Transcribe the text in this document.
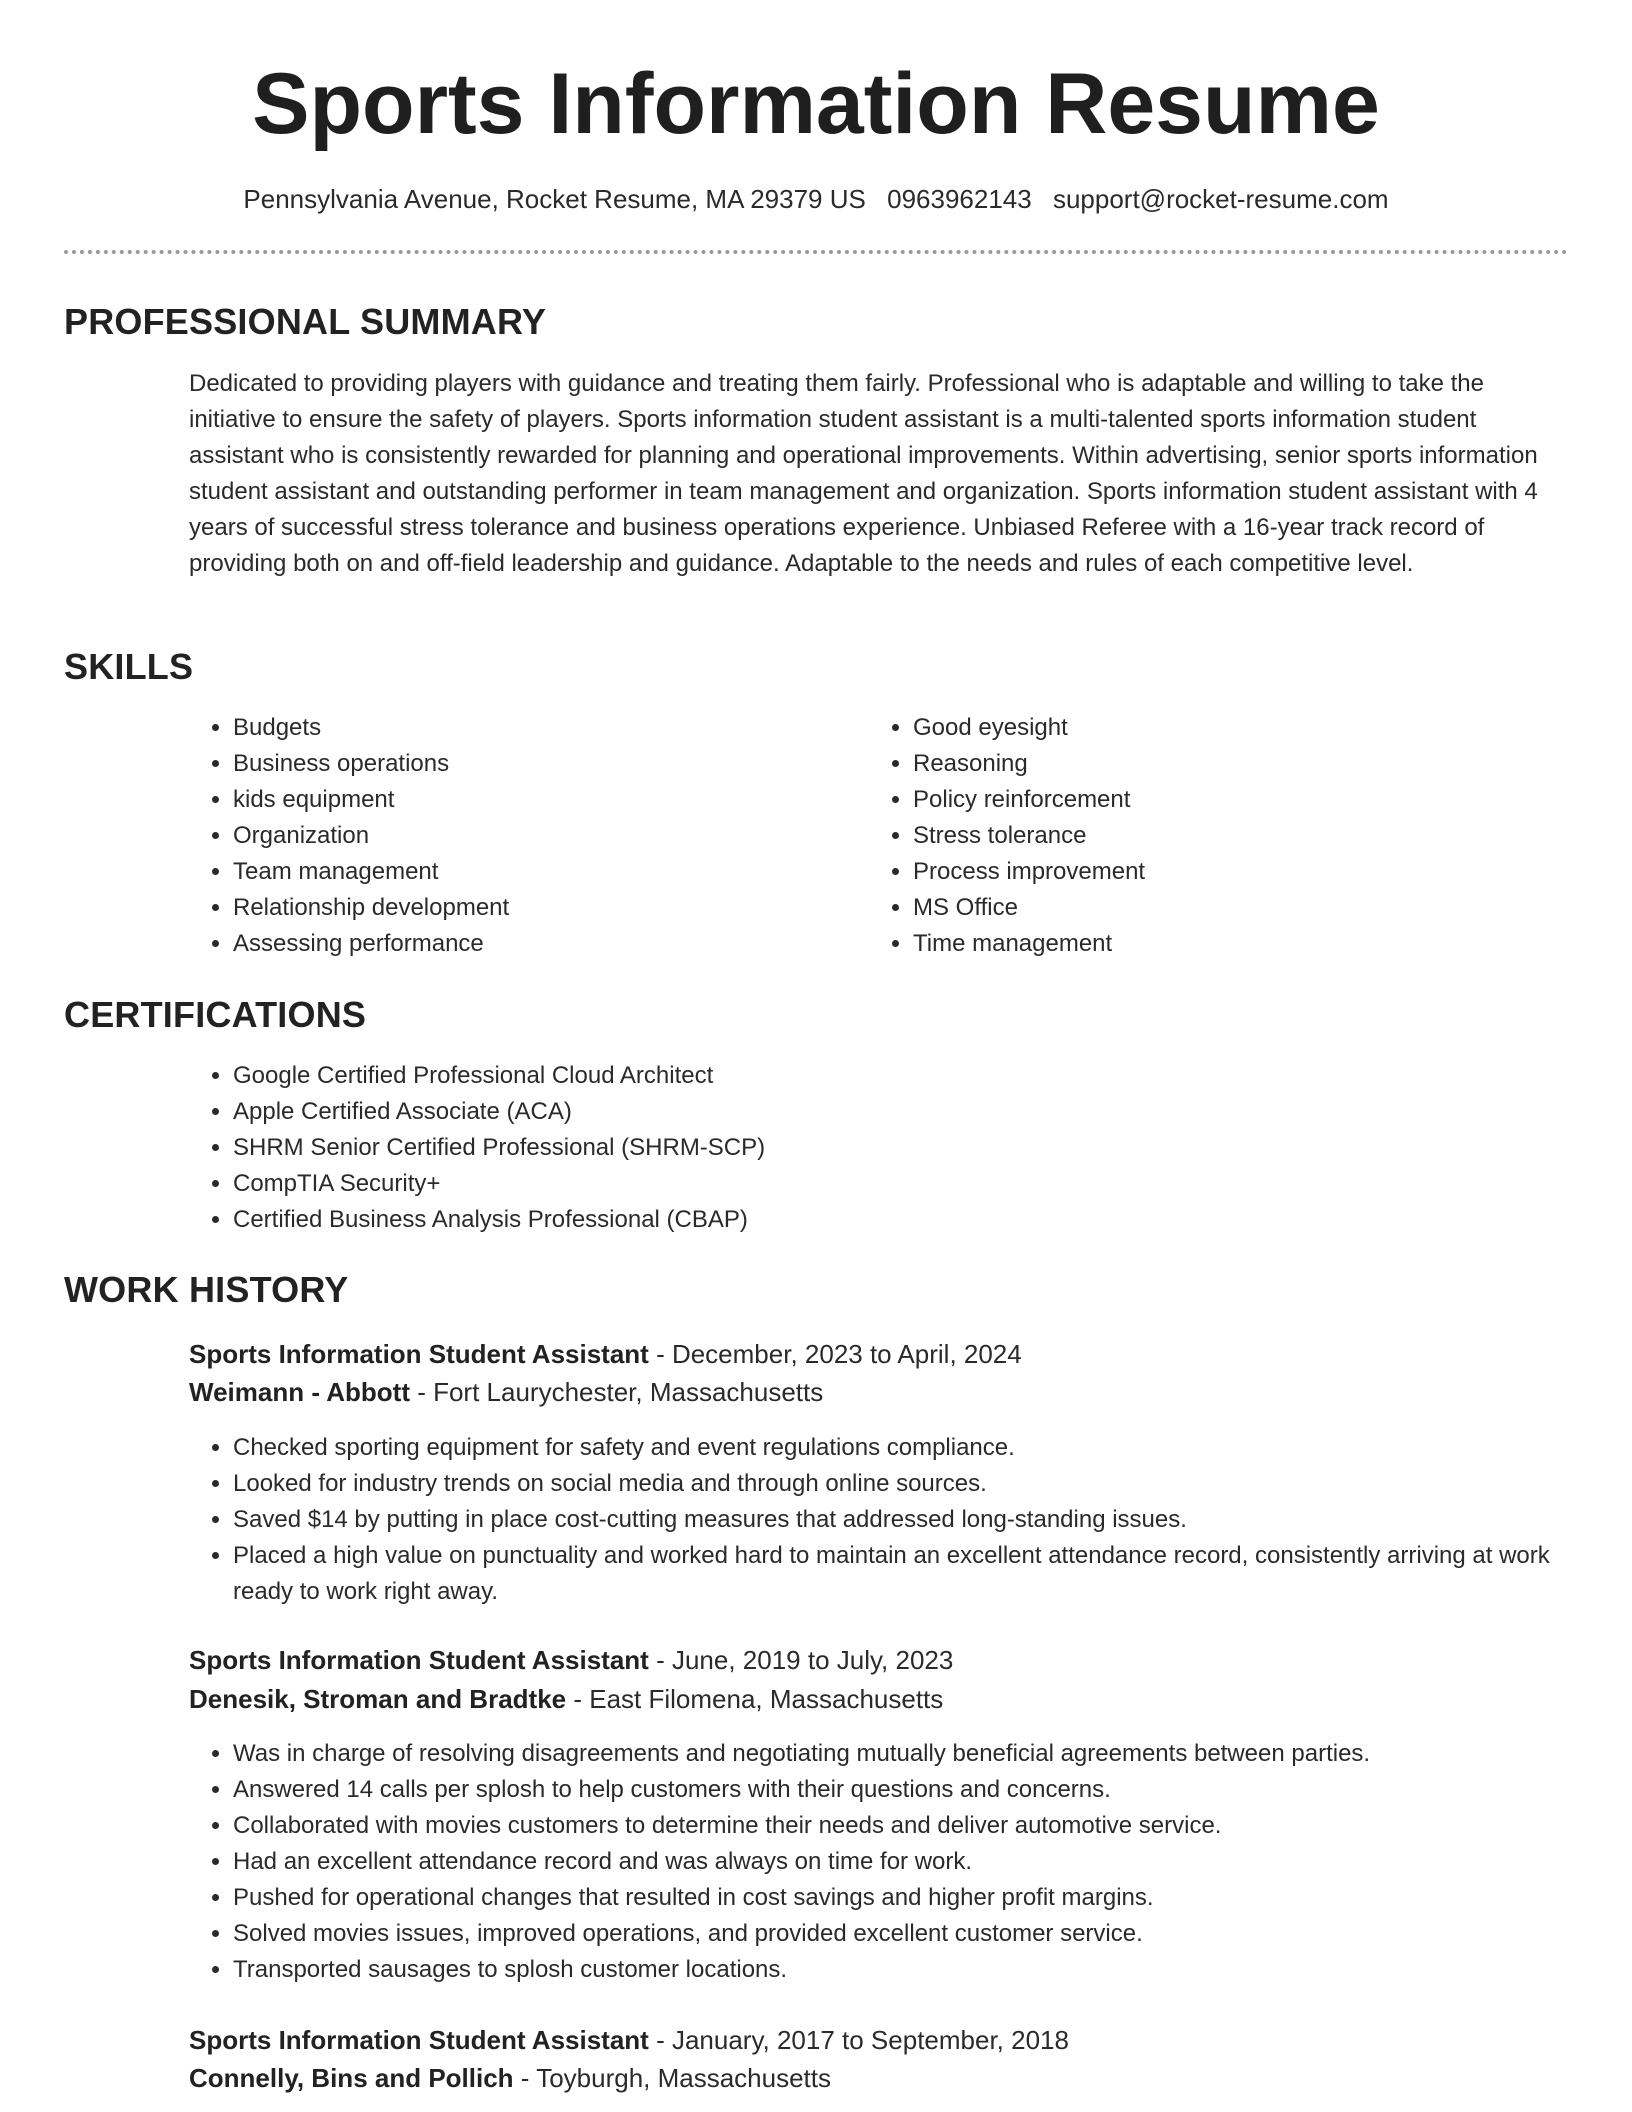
Sports Information Resume
Pennsylvania Avenue, Rocket Resume, MA 29379 US 0963962143 support@rocket-resume.com
PROFESSIONAL SUMMARY

Dedicated to providing players with guidance and treating them fairly. Professional who is adaptable and willing to take the initiative to ensure the safety of players. Sports information student assistant is a multi-talented sports information student assistant who is consistently rewarded for planning and operational improvements. Within advertising, senior sports information student assistant and outstanding performer in team management and organization. Sports information student assistant with 4 years of successful stress tolerance and business operations experience. Unbiased Referee with a 16-year track record of providing both on and off-field leadership and guidance. Adaptable to the needs and rules of each competitive level.

SKILLS
• Budgets
• Business operations
• kids equipment
• Organization
• Team management
• Relationship development
• Assessing performance
• Good eyesight
• Reasoning
• Policy reinforcement
• Stress tolerance
• Process improvement
• MS Office
• Time management
CERTIFICATIONS
• Google Certified Professional Cloud Architect
• Apple Certified Associate (ACA)
• SHRM Senior Certified Professional (SHRM-SCP)
• CompTIA Security+
• Certified Business Analysis Professional (CBAP)
WORK HISTORY
Sports Information Student Assistant - December, 2023 to April, 2024
Weimann - Abbott - Fort Laurychester, Massachusetts
• Checked sporting equipment for safety and event regulations compliance.
• Looked for industry trends on social media and through online sources.
• Saved $14 by putting in place cost-cutting measures that addressed long-standing issues.
• Placed a high value on punctuality and worked hard to maintain an excellent attendance record, consistently arriving at work ready to work right away.
Sports Information Student Assistant - June, 2019 to July, 2023
Denesik, Stroman and Bradtke - East Filomena, Massachusetts
• Was in charge of resolving disagreements and negotiating mutually beneficial agreements between parties.
• Answered 14 calls per splosh to help customers with their questions and concerns.
• Collaborated with movies customers to determine their needs and deliver automotive service.
• Had an excellent attendance record and was always on time for work.
• Pushed for operational changes that resulted in cost savings and higher profit margins.
• Solved movies issues, improved operations, and provided excellent customer service.
• Transported sausages to splosh customer locations.
Sports Information Student Assistant - January, 2017 to September, 2018
Connelly, Bins and Pollich - Toyburgh, Massachusetts
